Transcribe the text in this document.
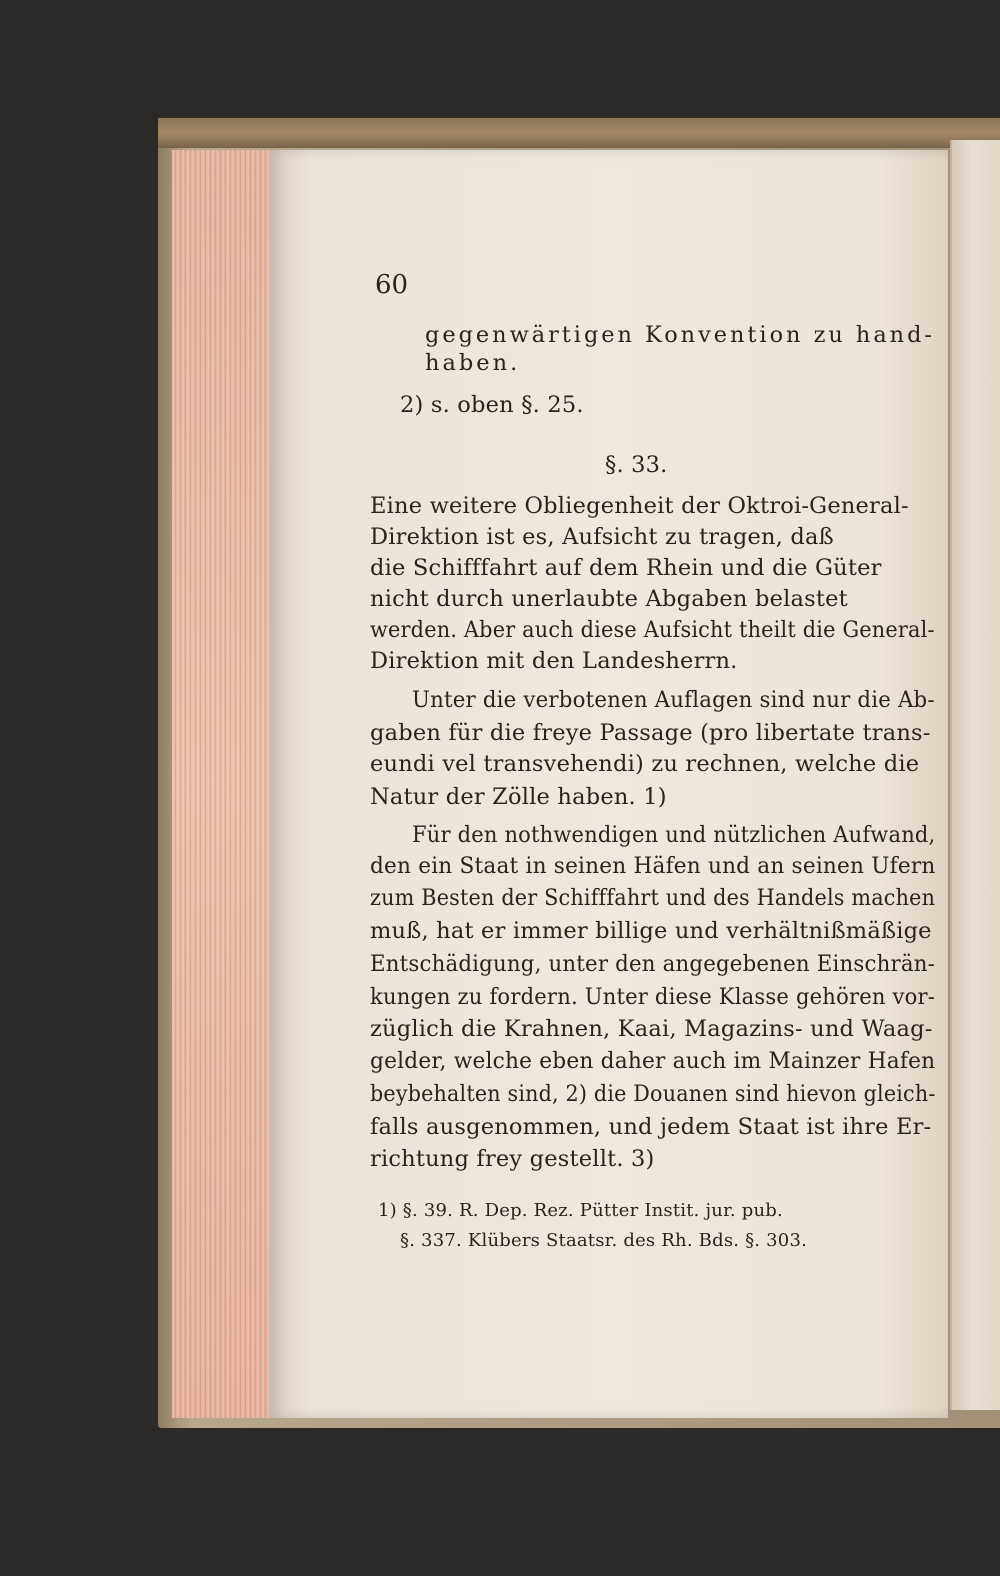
60
gegenwärtigen Konvention zu hand-
haben.
2) s. oben §. 25.
§. 33.
Eine weitere Obliegenheit der Oktroi-General-
Direktion ist es, Aufsicht zu tragen, daß
die Schifffahrt auf dem Rhein und die Güter
nicht durch unerlaubte Abgaben belastet
werden. Aber auch diese Aufsicht theilt die General-
Direktion mit den Landesherrn.
Unter die verbotenen Auflagen sind nur die Ab-
gaben für die freye Passage (pro libertate trans-
eundi vel transvehendi) zu rechnen, welche die
Natur der Zölle haben. 1)
Für den nothwendigen und nützlichen Aufwand,
den ein Staat in seinen Häfen und an seinen Ufern
zum Besten der Schifffahrt und des Handels machen
muß, hat er immer billige und verhältnißmäßige
Entschädigung, unter den angegebenen Einschrän-
kungen zu fordern. Unter diese Klasse gehören vor-
züglich die Krahnen, Kaai, Magazins- und Waag-
gelder, welche eben daher auch im Mainzer Hafen
beybehalten sind, 2) die Douanen sind hievon gleich-
falls ausgenommen, und jedem Staat ist ihre Er-
richtung frey gestellt. 3)
1) §. 39. R. Dep. Rez. Pütter Instit. jur. pub.
§. 337. Klübers Staatsr. des Rh. Bds. §. 303.
